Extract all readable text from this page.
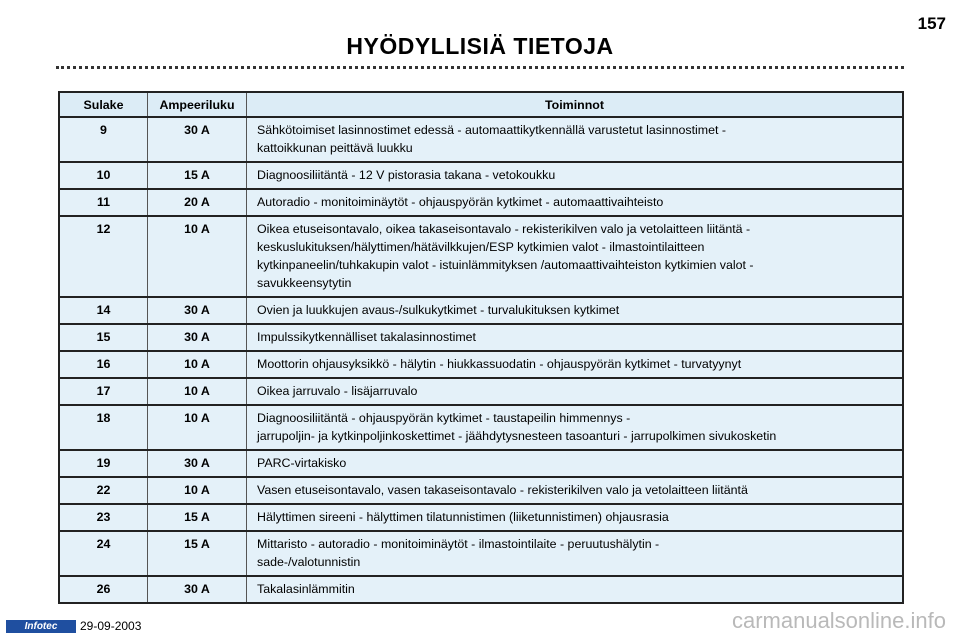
157
HYÖDYLLISIÄ TIETOJA
Sulake	Ampeeriluku	Toiminnot
9	30 A	Sähkötoimiset lasinnostimet edessä - automaattikytkennällä varustetut lasinnostimet -
kattoikkunan peittävä luukku

10	15 A	Diagnoosiliitäntä - 12 V pistorasia takana - vetokoukku

11	20 A	Autoradio - monitoiminäytöt - ohjauspyörän kytkimet - automaattivaihteisto

12	10 A	Oikea etuseisontavalo, oikea takaseisontavalo - rekisterikilven valo ja vetolaitteen liitäntä -
keskuslukituksen/hälyttimen/hätävilkkujen/ESP kytkimien valot - ilmastointilaitteen
kytkinpaneelin/tuhkakupin valot - istuinlämmityksen /automaattivaihteiston kytkimien valot -
savukkeensytytin

14	30 A	Ovien ja luukkujen avaus-/sulkukytkimet - turvalukituksen kytkimet

15	30 A	Impulssikytkennälliset takalasinnostimet

16	10 A	Moottorin ohjausyksikkö - hälytin - hiukkassuodatin - ohjauspyörän kytkimet - turvatyynyt

17	10 A	Oikea jarruvalo - lisäjarruvalo

18	10 A	Diagnoosiliitäntä - ohjauspyörän kytkimet - taustapeilin himmennys -
jarrupoljin- ja kytkinpoljinkoskettimet - jäähdytysnesteen tasoanturi - jarrupolkimen sivukosketin

19	30 A	PARC-virtakisko

22	10 A	Vasen etuseisontavalo, vasen takaseisontavalo - rekisterikilven valo ja vetolaitteen liitäntä

23	15 A	Hälyttimen sireeni - hälyttimen tilatunnistimen (liiketunnistimen) ohjausrasia

24	15 A	Mittaristo - autoradio - monitoiminäytöt - ilmastointilaite - peruutushälytin -
sade-/valotunnistin

26	30 A	Takalasinlämmitin
Infotec	29-09-2003	carmanualsonline.info
